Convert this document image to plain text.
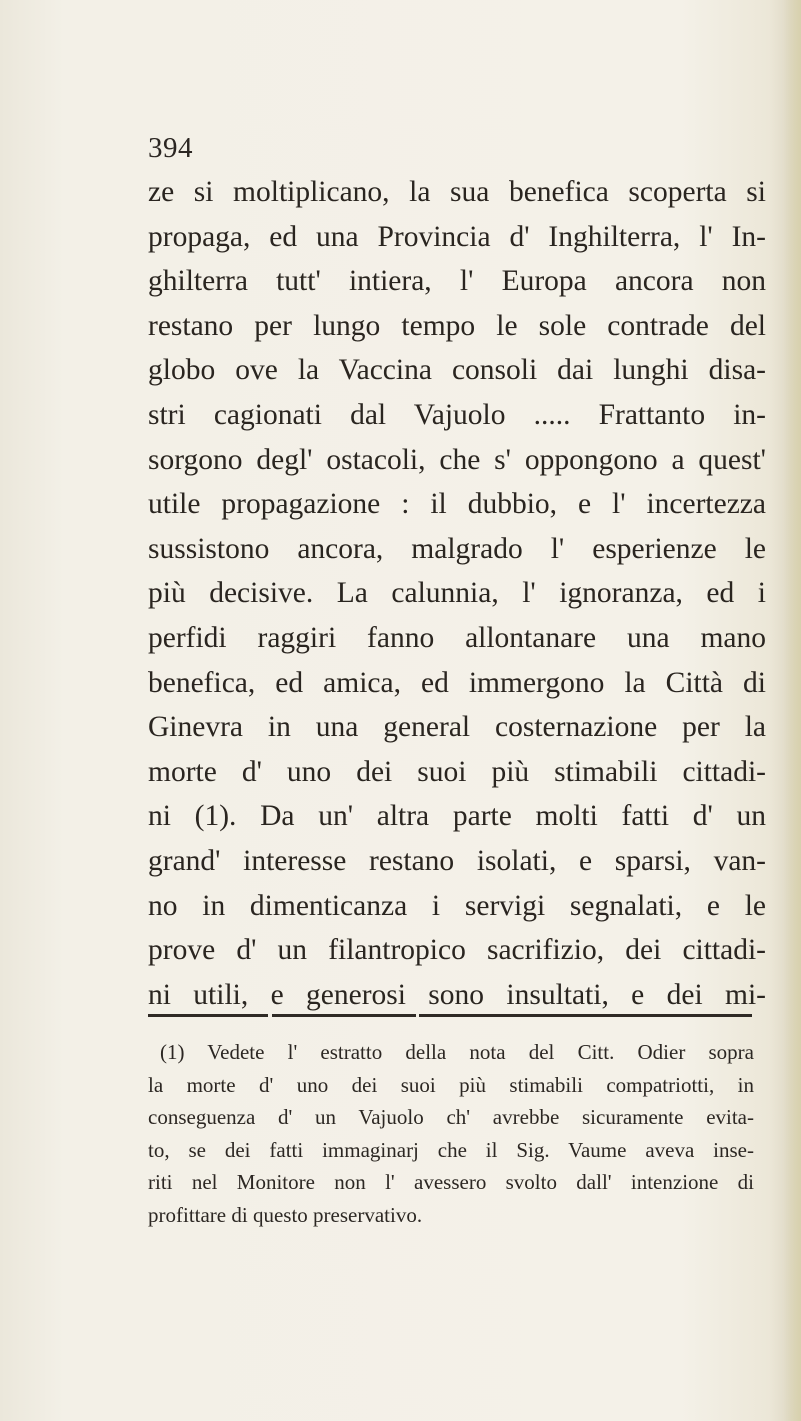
394
ze si moltiplicano, la sua benefica scoperta si
propaga, ed una Provincia d' Inghilterra, l' In-
ghilterra tutt' intiera, l' Europa ancora non
restano per lungo tempo le sole contrade del
globo ove la Vaccina consoli dai lunghi disa-
stri cagionati dal Vajuolo ..... Frattanto in-
sorgono degl' ostacoli, che s' oppongono a quest'
utile propagazione : il dubbio, e l' incertezza
sussistono ancora, malgrado l' esperienze le
più decisive. La calunnia, l' ignoranza, ed i
perfidi raggiri fanno allontanare una mano
benefica, ed amica, ed immergono la Città di
Ginevra in una general costernazione per la
morte d' uno dei suoi più stimabili cittadi-
ni (1). Da un' altra parte molti fatti d' un
grand' interesse restano isolati, e sparsi, van-
no in dimenticanza i servigi segnalati, e le
prove d' un filantropico sacrifizio, dei cittadi-
ni utili, e generosi sono insultati, e dei mi-
(1) Vedete l' estratto della nota del Citt. Odier sopra
la morte d' uno dei suoi più stimabili compatriotti, in
conseguenza d' un Vajuolo ch' avrebbe sicuramente evita-
to, se dei fatti immaginarj che il Sig. Vaume aveva inse-
riti nel Monitore non l' avessero svolto dall' intenzione di
profittare di questo preservativo.
